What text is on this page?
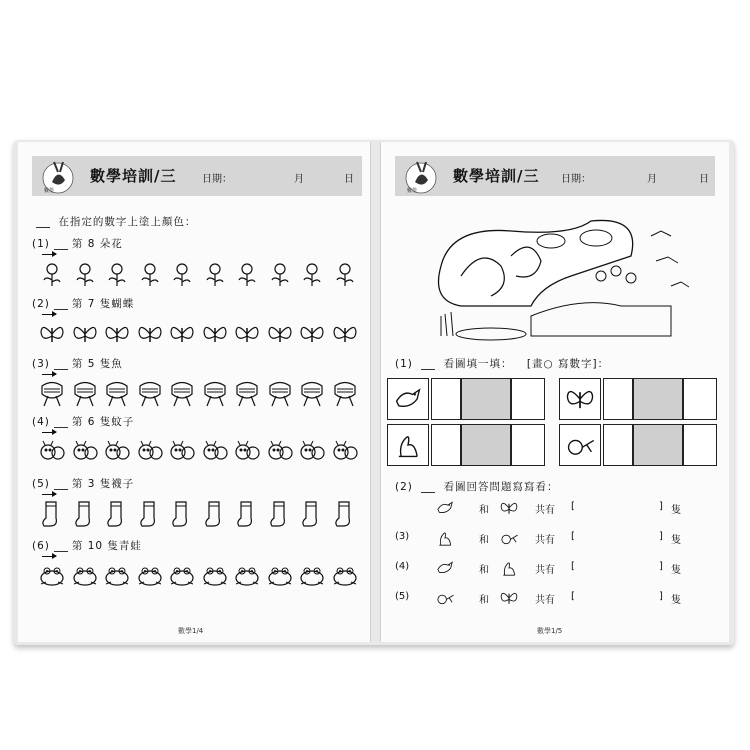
數學
數學培訓/三	日期：	月	日
在指定的數字上塗上顏色：
(1) 第 8 朵花
(2) 第 7 隻蝴蝶
(3) 第 5 隻魚
(4) 第 6 隻蚊子
(5) 第 3 隻襪子
(6) 第 10 隻青蛙
數學1/4
數學
數學培訓/三 日期：	月	日
(1)	看圖填一填： [畫○ 寫數字]：
(2)	看圖回答問題寫寫看：
和	共有 [	] 隻
(3)	和	共有 [	] 隻
(4)	和	共有 [	] 隻
(5)	和	共有 [	] 隻
數學1/5
